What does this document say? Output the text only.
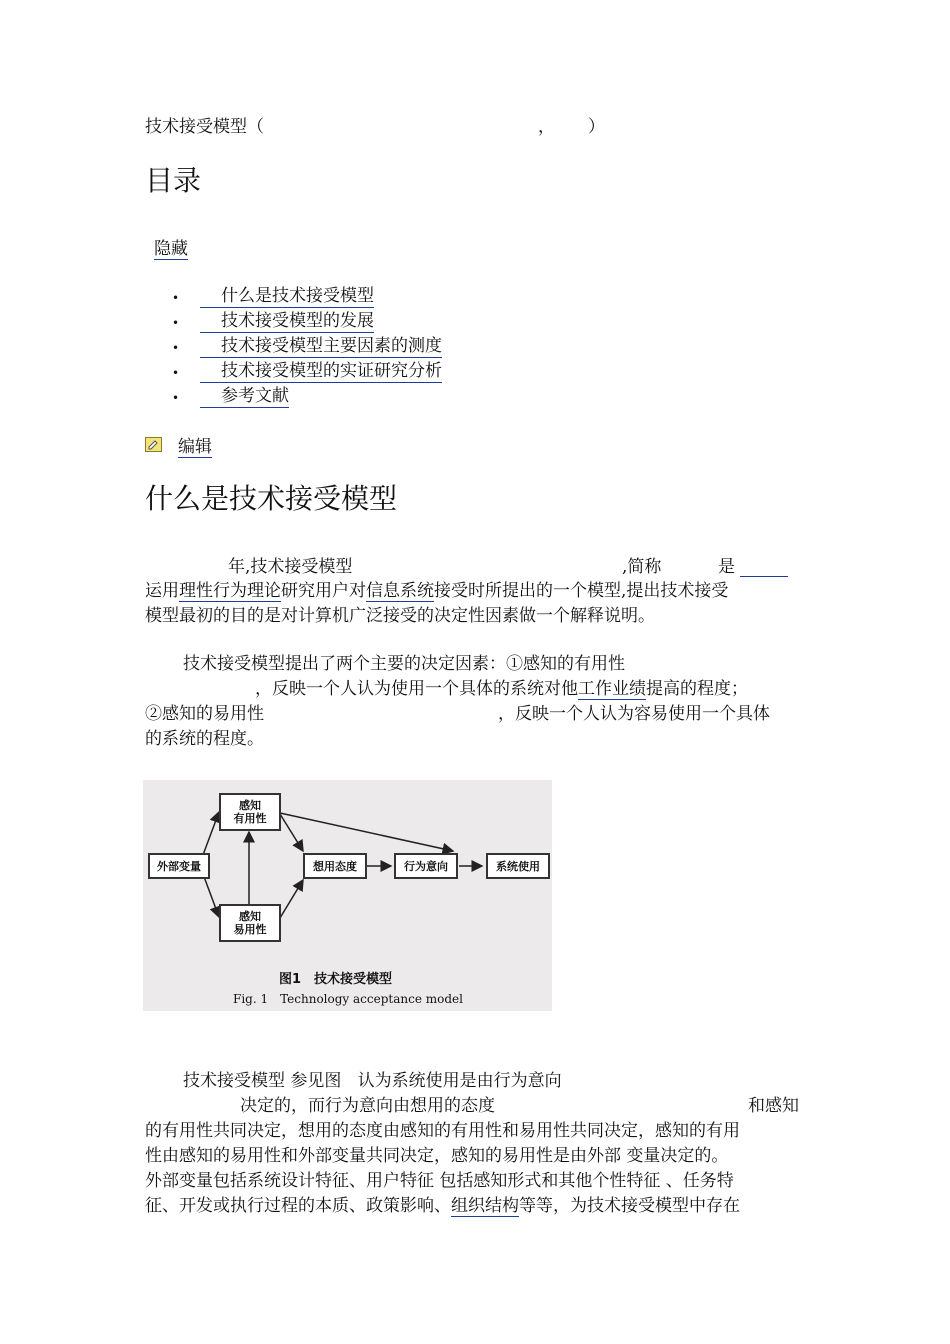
技术接受模型（	， ）
目录
隐藏
•	什么是技术接受模型
•	技术接受模型的发展
•	技术接受模型主要因素的测度
•	技术接受模型的实证研究分析
•	参考文献
编辑
什么是技术接受模型
年,技术接受模型	,简称	是
运用理性行为理论研究用户对信息系统接受时所提出的一个模型,提出技术接受
模型最初的目的是对计算机广泛接受的决定性因素做一个解释说明。
技术接受模型提出了两个主要的决定因素：①感知的有用性
，反映一个人认为使用一个具体的系统对他工作业绩提高的程度；
②感知的易用性	，反映一个人认为容易使用一个具体
的系统的程度。
外部变量
感知
有用性
感知
易用性
想用态度	行为意向	系统使用
图1　技术接受模型
Fig. 1　Technology acceptance model
技术接受模型 参见图   认为系统使用是由行为意向
决定的，而行为意向由想用的态度	和感知
的有用性共同决定，想用的态度由感知的有用性和易用性共同决定，感知的有用
性由感知的易用性和外部变量共同决定，感知的易用性是由外部 变量决定的。
外部变量包括系统设计特征、用户特征 包括感知形式和其他个性特征 、任务特
征、开发或执行过程的本质、政策影响、组织结构等等，为技术接受模型中存在
